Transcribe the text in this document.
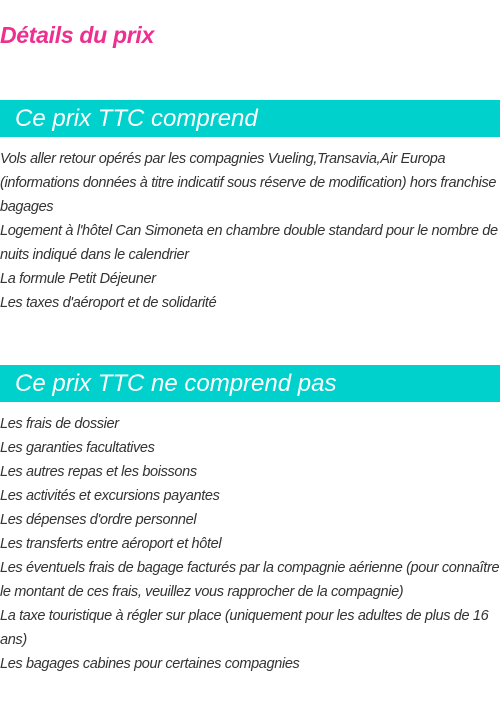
Détails du prix
Ce prix TTC comprend
Vols aller retour opérés par les compagnies Vueling,Transavia,Air Europa (informations données à titre indicatif sous réserve de modification) hors franchise bagages
Logement à l'hôtel Can Simoneta en chambre double standard pour le nombre de nuits indiqué dans le calendrier
La formule Petit Déjeuner
Les taxes d'aéroport et de solidarité
Ce prix TTC ne comprend pas
Les frais de dossier
Les garanties facultatives
Les autres repas et les boissons
Les activités et excursions payantes
Les dépenses d'ordre personnel
Les transferts entre aéroport et hôtel
Les éventuels frais de bagage facturés par la compagnie aérienne (pour connaître le montant de ces frais, veuillez vous rapprocher de la compagnie)
La taxe touristique à régler sur place (uniquement pour les adultes de plus de 16 ans)
Les bagages cabines pour certaines compagnies
